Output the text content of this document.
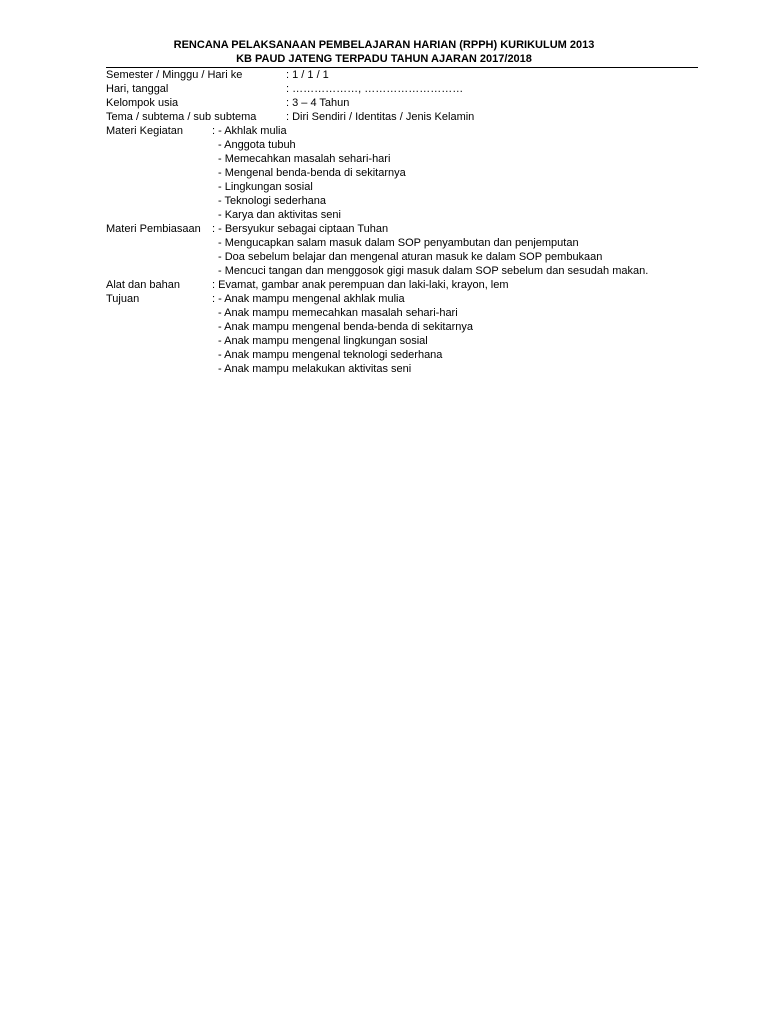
RENCANA PELAKSANAAN PEMBELAJARAN HARIAN (RPPH) KURIKULUM 2013
KB PAUD JATENG TERPADU TAHUN AJARAN 2017/2018
Semester / Minggu / Hari ke	: 1 / 1 / 1
Hari, tanggal	: ………………, ………………………
Kelompok usia	: 3 – 4 Tahun
Tema / subtema / sub subtema	: Diri Sendiri / Identitas / Jenis Kelamin
Materi Kegiatan	: - Akhlak mulia
- Anggota tubuh
- Memecahkan masalah sehari-hari
- Mengenal benda-benda di sekitarnya
- Lingkungan sosial
- Teknologi sederhana
- Karya dan aktivitas seni
Materi Pembiasaan : - Bersyukur sebagai ciptaan Tuhan
- Mengucapkan salam masuk dalam SOP penyambutan dan penjemputan
- Doa sebelum belajar dan mengenal aturan masuk ke dalam SOP pembukaan
- Mencuci tangan dan menggosok gigi masuk dalam SOP sebelum dan sesudah makan.
Alat dan bahan	: Evamat, gambar anak perempuan dan laki-laki, krayon, lem
Tujuan	: - Anak mampu mengenal akhlak mulia
- Anak mampu memecahkan masalah sehari-hari
- Anak mampu mengenal benda-benda di sekitarnya
- Anak mampu mengenal lingkungan sosial
- Anak mampu mengenal teknologi sederhana
- Anak mampu melakukan aktivitas seni
